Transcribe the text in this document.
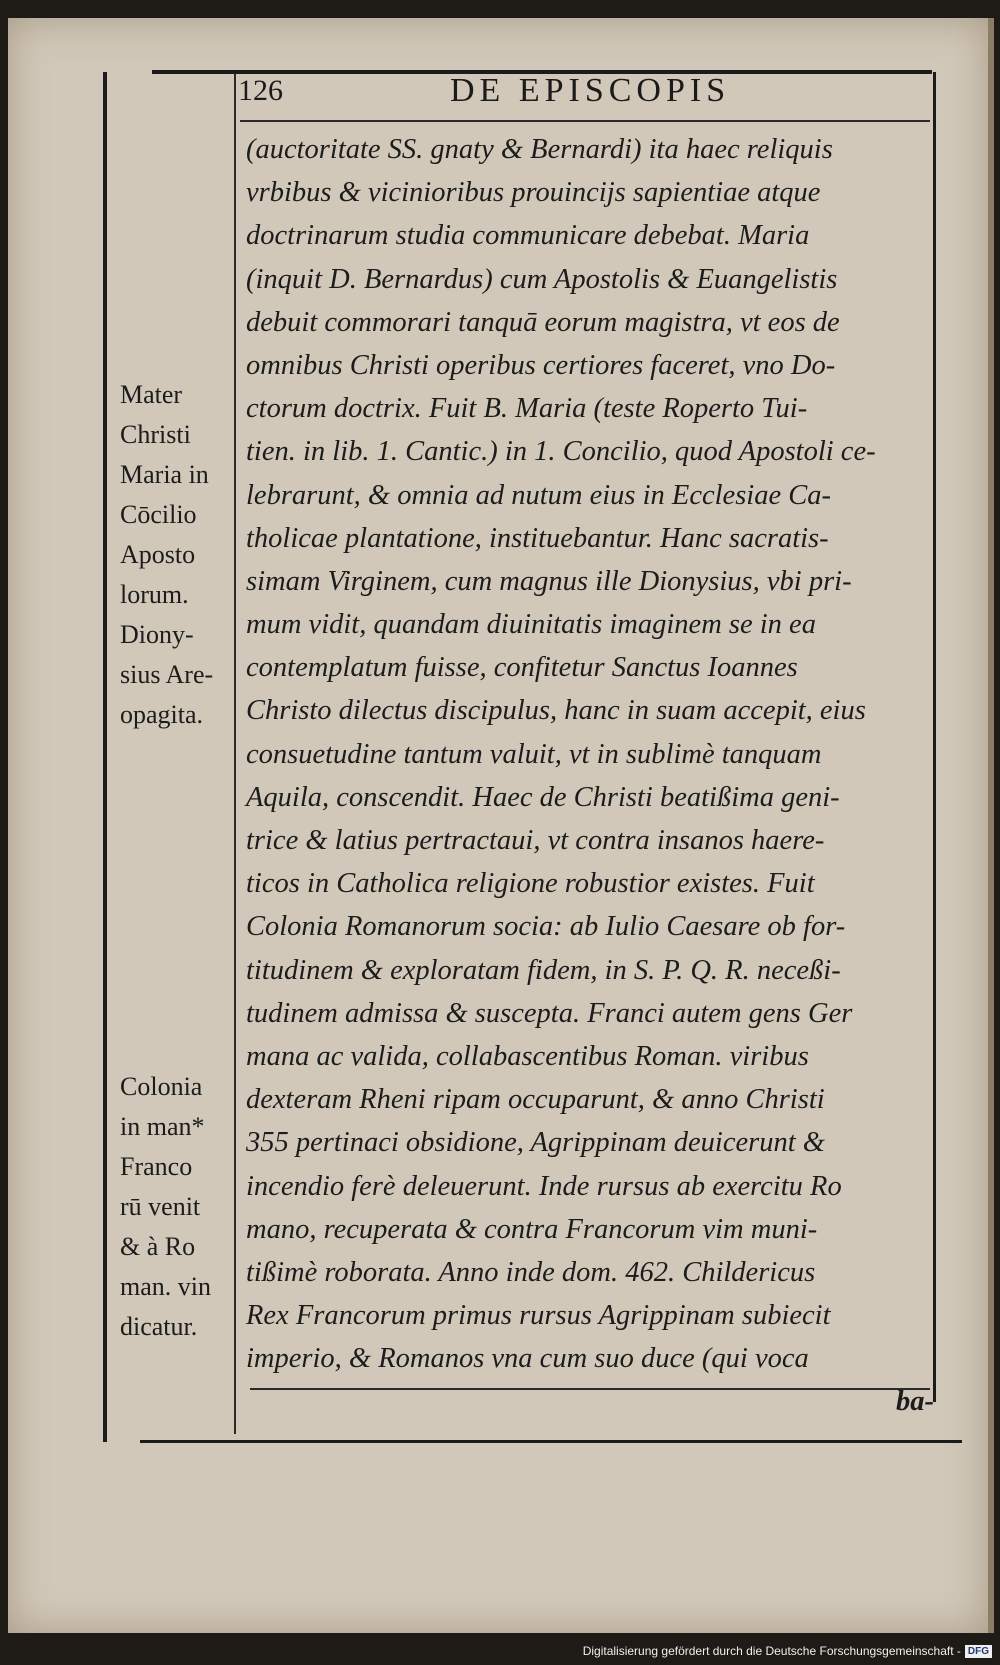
126	DE EPISCOPIS
(auctoritate SS. gnaty & Bernardi) ita haec reliquis
vrbibus & vicinioribus prouincijs sapientiae atque
doctrinarum studia communicare debebat. Maria
(inquit D. Bernardus) cum Apostolis & Euangelistis
debuit commorari tanquā eorum magistra, vt eos de
omnibus Christi operibus certiores faceret, vno Do-
ctorum doctrix. Fuit B. Maria (teste Roperto Tui-
tien. in lib. 1. Cantic.) in 1. Concilio, quod Apostoli ce-
lebrarunt, & omnia ad nutum eius in Ecclesiae Ca-
tholicae plantatione, instituebantur. Hanc sacratis-
simam Virginem, cum magnus ille Dionysius, vbi pri-
mum vidit, quandam diuinitatis imaginem se in ea
contemplatum fuisse, confitetur Sanctus Ioannes
Christo dilectus discipulus, hanc in suam accepit, eius
consuetudine tantum valuit, vt in sublimè tanquam
Aquila, conscendit. Haec de Christi beatißima geni-
trice & latius pertractaui, vt contra insanos haere-
ticos in Catholica religione robustior existes. Fuit
Colonia Romanorum socia: ab Iulio Caesare ob for-
titudinem & exploratam fidem, in S. P. Q. R. neceßi-
tudinem admissa & suscepta. Franci autem gens Ger
mana ac valida, collabascentibus Roman. viribus
dexteram Rheni ripam occuparunt, & anno Christi
355 pertinaci obsidione, Agrippinam deuicerunt &
incendio ferè deleuerunt. Inde rursus ab exercitu Ro
mano, recuperata & contra Francorum vim muni-
tißimè roborata. Anno inde dom. 462. Childericus
Rex Francorum primus rursus Agrippinam subiecit
imperio, & Romanos vna cum suo duce (qui voca
ba-
Mater
Christi
Maria in
Cōcilio
Aposto
lorum.
Diony-
sius Are-
opagita.
Colonia
in man*
Franco
rū venit
& à Ro
man. vin
dicatur.
Digitalisierung gefördert durch die Deutsche Forschungsgemeinschaft - DFG
